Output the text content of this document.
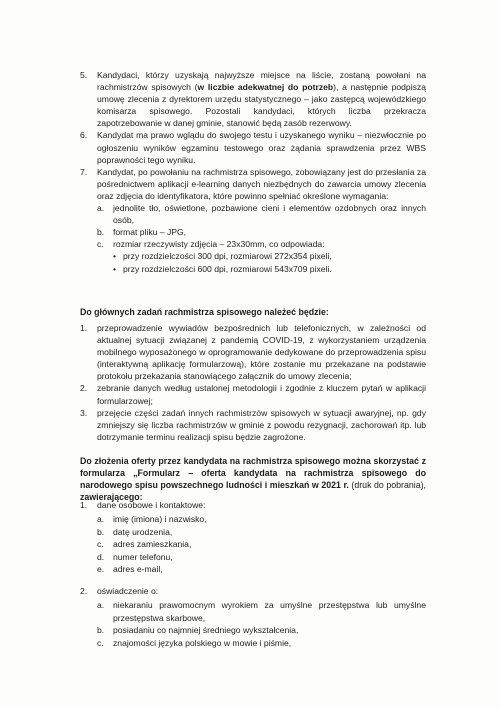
5. Kandydaci, którzy uzyskają najwyższe miejsce na liście, zostaną powołani na rachmistrzów spisowych (w liczbie adekwatnej do potrzeb), a następnie podpiszą umowę zlecenia z dyrektorem urzędu statystycznego – jako zastępcą wojewódzkiego komisarza spisowego. Pozostali kandydaci, których liczba przekracza zapotrzebowanie w danej gminie, stanowić będą zasób rezerwowy.
6. Kandydat ma prawo wglądu do swojego testu i uzyskanego wyniku – niezwłocznie po ogłoszeniu wyników egzaminu testowego oraz żądania sprawdzenia przez WBS poprawności tego wyniku.
7. Kandydat, po powołaniu na rachmistrza spisowego, zobowiązany jest do przesłania za pośrednictwem aplikacji e-learning danych niezbędnych do zawarcia umowy zlecenia oraz zdjęcia do identyfikatora, które powinno spełniać określone wymagania:
a. jednolite tło, oświetlone, pozbawione cieni i elementów ozdobnych oraz innych osób,
b. format pliku – JPG,
c. rozmiar rzeczywisty zdjęcia – 23x30mm, co odpowiada:
• przy rozdzielczości 300 dpi, rozmiarowi 272x354 pixeli,
• przy rozdzielczości 600 dpi, rozmiarowi 543x709 pixeli.
Do głównych zadań rachmistrza spisowego należeć będzie:
1. przeprowadzenie wywiadów bezpośrednich lub telefonicznych, w zależności od aktualnej sytuacji związanej z pandemią COVID-19, z wykorzystaniem urządzenia mobilnego wyposażonego w oprogramowanie dedykowane do przeprowadzenia spisu (interaktywną aplikację formularzową), które zostanie mu przekazane na podstawie protokołu przekazania stanowiącego załącznik do umowy zlecenia;
2. zebranie danych według ustalonej metodologii i zgodnie z kluczem pytań w aplikacji formularzowej;
3. przejęcie części zadań innych rachmistrzów spisowych w sytuacji awaryjnej, np. gdy zmniejszy się liczba rachmistrzów w gminie z powodu rezygnacji, zachorowań itp. lub dotrzymanie terminu realizacji spisu będzie zagrożone.
Do złożenia oferty przez kandydata na rachmistrza spisowego można skorzystać z formularza „Formularz – oferta kandydata na rachmistrza spisowego do narodowego spisu powszechnego ludności i mieszkań w 2021 r. (druk do pobrania), zawierającego:
1. dane osobowe i kontaktowe:
a. imię (imiona) i nazwisko,
b. datę urodzenia,
c. adres zamieszkania,
d. numer telefonu,
e. adres e-mail,
2. oświadczenie o:
a. niekaraniu prawomocnym wyrokiem za umyślne przestępstwa lub umyślne przestępstwa skarbowe,
b. posiadaniu co najmniej średniego wykształcenia,
c. znajomości języka polskiego w mowie i piśmie,
